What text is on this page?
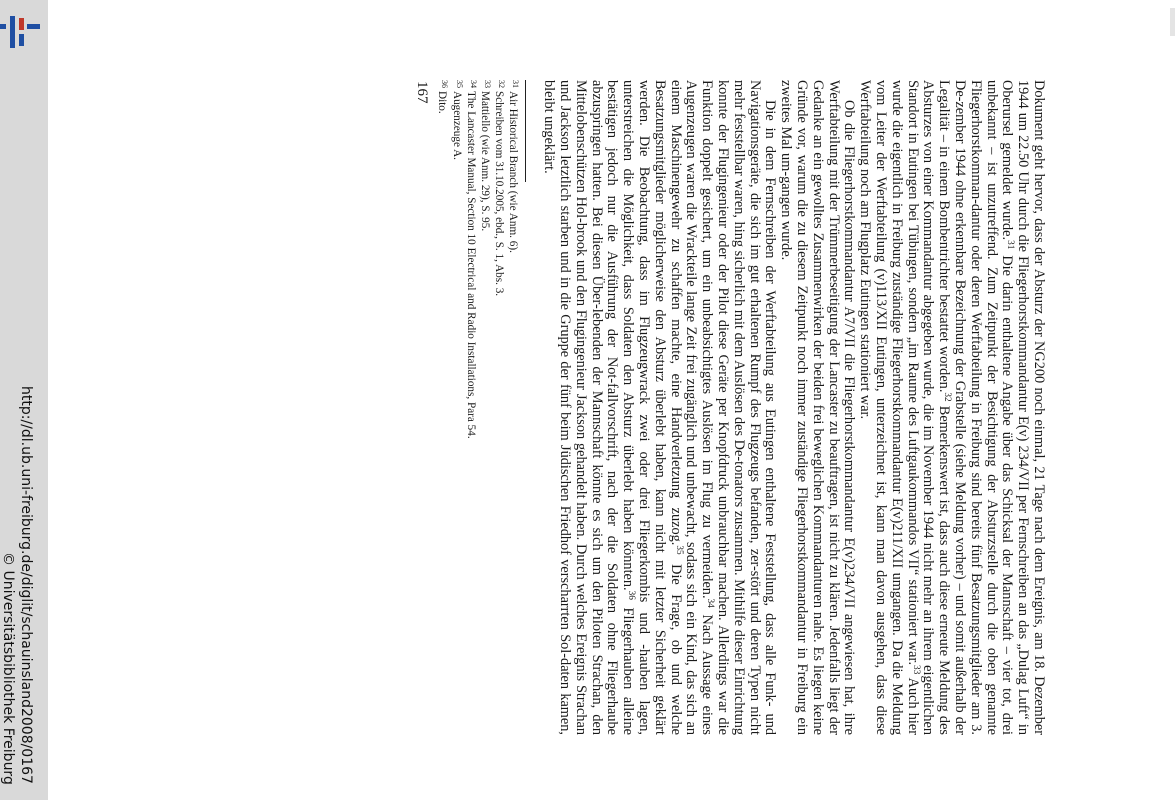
http://dl.ub.uni-freiburg.de/diglit/schauinsland2008/0167
© Universitätsbibliothek Freiburg	Dokument geht hervor, dass der Absturz der NG200 noch einmal, 21 Tage nach dem Ereignis, am 18. Dezember 1944 um 22.50 Uhr durch die Fliegerhorstkommandantur E(v) 234/VII per Fernschreiben an das „Dulag Luft“ in Oberursel gemeldet wurde.$^{31}$ Die darin enthaltene Angabe über das Schicksal der Mannschaft – vier tot, drei unbekannt – ist unzutreffend. Zum Zeitpunkt der Besichtigung der Absturzstelle durch die oben genannte Fliegerhorstkomman-dantur oder deren Werftabteilung in Freiburg sind bereits fünf Besatzungsmitglieder am 3. De-zember 1944 ohne erkennbare Bezeichnung der Grabstelle (siehe Meldung vorher) – und somit außerhalb der Legalität – in einem Bombentrichter bestattet worden.$^{32}$ Bemerkenswert ist, dass auch diese erneute Meldung des Absturzes von einer Kommandantur abgegeben wurde, die im November 1944 nicht mehr an ihrem eigentlichen Standort in Eutingen bei Tübingen, sondern „im Raume des Luftgaukommandos VII“ stationiert war.$^{33}$ Auch hier wurde die eigentlich in Freiburg zuständige Fliegerhorstkommandantur E(v)211/XII umgangen. Da die Meldung vom Leiter der Werftabteilung (v)113/XII Eutingen, unterzeichnet ist, kann man davon ausgehen, dass diese Werftabteilung noch am Flugplatz Eutingen stationiert war.

Ob die Fliegerhorstkommandantur A7/VII die Fliegerhorstkommandantur E(v)234/VII angewiesen hat, ihre Werftabteilung mit der Trümmerbeseitigung der Lancaster zu beauftragen, ist nicht zu klären. Jedenfalls liegt der Gedanke an ein gewolltes Zusammenwirken der beiden frei beweglichen Kommandanturen nahe. Es liegen keine Gründe vor, warum die zu diesem Zeitpunkt noch immer zuständige Fliegerhorstkommandantur in Freiburg ein zweites Mal um-gangen wurde.

Die in dem Fernschreiben der Werftabteilung aus Eutingen enthaltene Feststellung, dass alle Funk- und Navigationsgeräte, die sich im gut erhaltenen Rumpf des Flugzeugs befanden, zer-stört und deren Typen nicht mehr feststellbar waren, hing sicherlich mit dem Auslösen des De-tonators zusammen. Mithilfe dieser Einrichtung konnte der Flugingenieur oder der Pilot diese Geräte per Knopfdruck unbrauchbar machen. Allerdings war die Funktion doppelt gesichert, um ein unbeabsichtigtes Auslösen im Flug zu vermeiden.$^{34}$ Nach Aussage eines Augenzeugen waren die Wrackteile lange Zeit frei zugänglich und unbewacht, sodass sich ein Kind, das sich an einem Maschinengewehr zu schaffen machte, eine Handverletzung zuzog.$^{35}$ Die Frage, ob und welche Besatzungsmitglieder möglicherweise den Absturz überlebt haben, kann nicht mit letzter Sicherheit geklärt werden. Die Beobachtung, dass im Flugzeugwrack zwei oder drei Fliegerkombis und -hauben lagen, unterstreichen die Möglichkeit, dass Soldaten den Absturz überlebt haben könnten.$^{36}$ Fliegerhauben alleine bestätigen jedoch nur die Ausführung der Not-fallvorschrift, nach der die Soldaten ohne Fliegerhaube abzuspringen hatten. Bei diesen Über-lebenden der Mannschaft könnte es sich um den Piloten Strachan, den Mittelobenschützen Hol-brook und den Flugingenieur Jackson gehandelt haben. Durch welches Ereignis Strachan und Jackson letztlich starben und in die Gruppe der fünf beim Jüdischen Friedhof verscharrten Sol-daten kamen, bleibt ungeklärt.

31Air Historical Branch (wie Anm. 6).
32Schreiben vom 31.10.2005, ebd., S. 1, Abs. 3.
33Mattiello (wie Anm. 29), S. 95.
34The Lancaster Manual, Section 10 Electrical and Radio Installations, Para 54.
35Augenzeuge A.
36Dito.
167
